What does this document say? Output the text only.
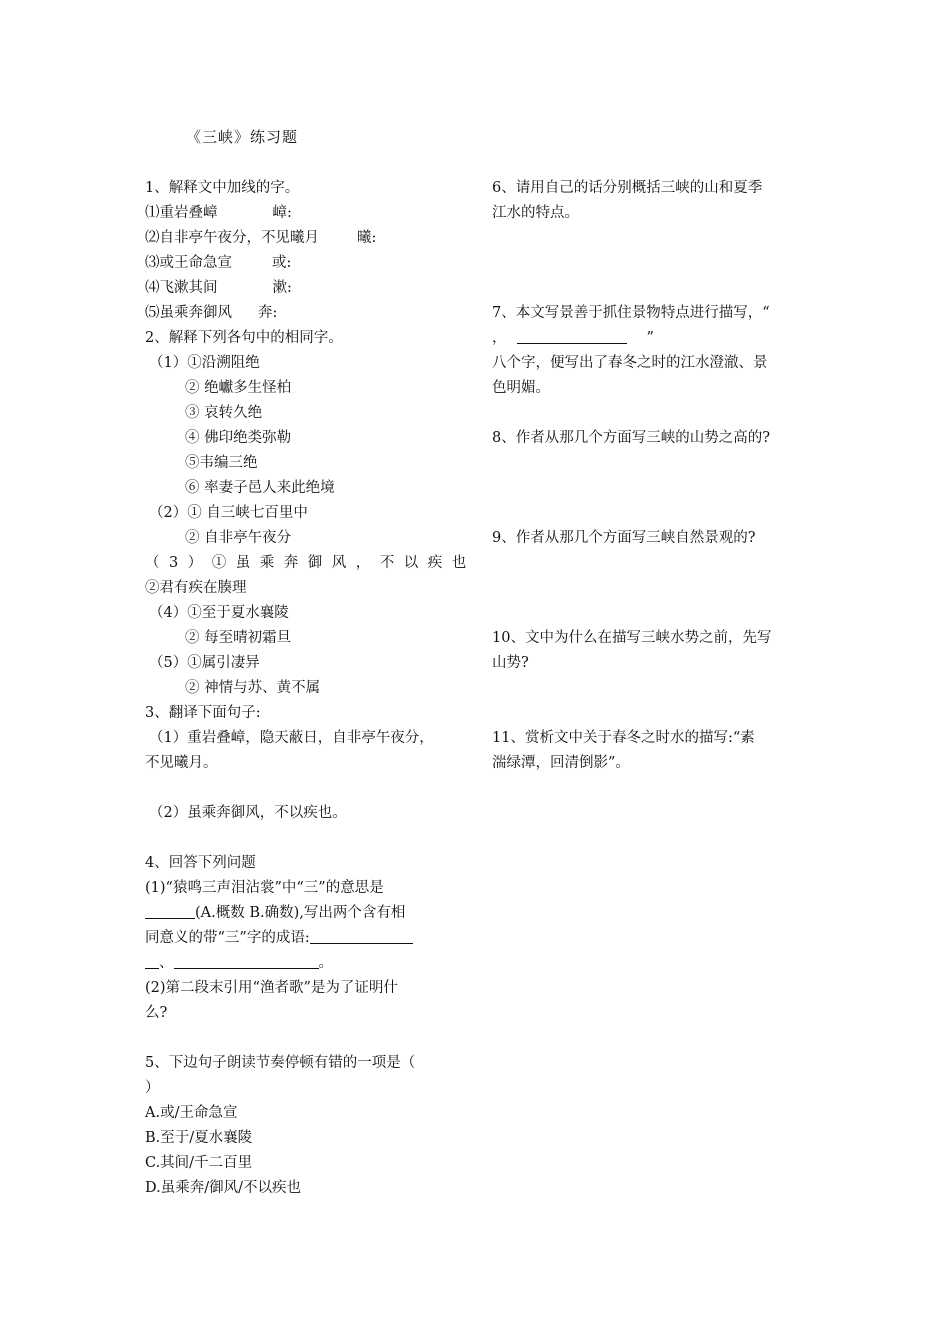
《三峡》练习题
1、解释文中加线的字。
⑴重岩叠嶂	嶂:
⑵自非亭午夜分，不见曦月	曦:
⑶或王命急宣	或:
⑷飞漱其间	漱:
⑸虽乘奔御风 奔:
2、解释下列各句中的相同字。
（1）①沿溯阻绝
② 绝巘多生怪柏
③ 哀转久绝
④ 佛印绝类弥勒
⑤韦编三绝
⑥ 率妻子邑人来此绝境
（2）① 自三峡七百里中
② 自非亭午夜分
（3）①虽乘奔御风，不以疾也
②君有疾在腠理
（4）①至于夏水襄陵
② 每至晴初霜旦
（5）①属引凄异
② 神情与苏、黄不属
3、翻译下面句子:
（1）重岩叠嶂，隐天蔽日，自非亭午夜分，
不见曦月。
（2）虽乘奔御风，不以疾也。
4、回答下列问题
(1)“猿鸣三声泪沾裳”中“三”的意思是
(A.概数 B.确数),写出两个含有相
同意义的带“三”字的成语:
、	。
(2)第二段末引用“渔者歌”是为了证明什
么?
5、下边句子朗读节奏停顿有错的一项是（
）
A.或/王命急宣
B.至于/夏水襄陵
C.其间/千二百里
D.虽乘奔/御风/不以疾也
6、请用自己的话分别概括三峡的山和夏季
江水的特点。
7、本文写景善于抓住景物特点进行描写，“
，	”
八个字，便写出了春冬之时的江水澄澈、景
色明媚。
8、作者从那几个方面写三峡的山势之高的?
9、作者从那几个方面写三峡自然景观的?
10、文中为什么在描写三峡水势之前，先写
山势?
11、赏析文中关于春冬之时水的描写:“素
湍绿潭，回清倒影”。
